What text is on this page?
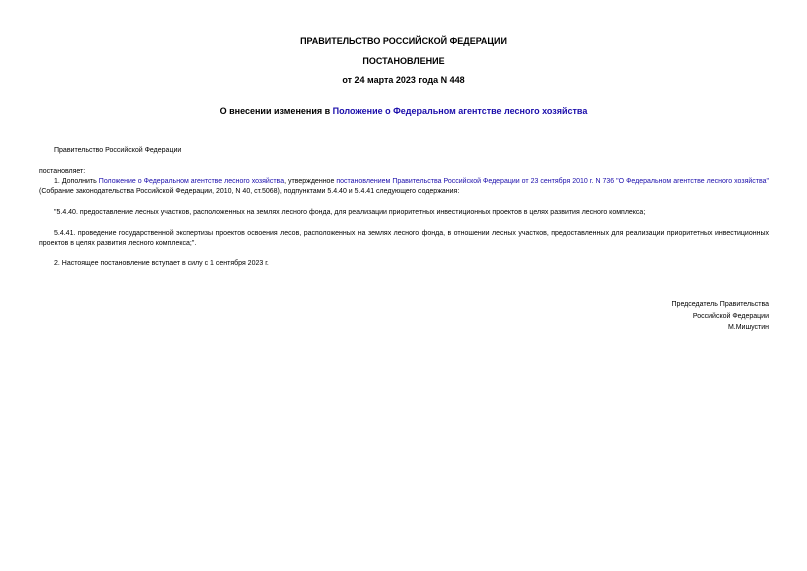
ПРАВИТЕЛЬСТВО РОССИЙСКОЙ ФЕДЕРАЦИИ
ПОСТАНОВЛЕНИЕ
от 24 марта 2023 года N 448
О внесении изменения в Положение о Федеральном агентстве лесного хозяйства
Правительство Российской Федерации
постановляет:
1. Дополнить Положение о Федеральном агентстве лесного хозяйства, утвержденное постановлением Правительства Российской Федерации от 23 сентября 2010 г. N 736 "О Федеральном агентстве лесного хозяйства" (Собрание законодательства Российской Федерации, 2010, N 40, ст.5068), подпунктами 5.4.40 и 5.4.41 следующего содержания:
"5.4.40. предоставление лесных участков, расположенных на землях лесного фонда, для реализации приоритетных инвестиционных проектов в целях развития лесного комплекса;
5.4.41. проведение государственной экспертизы проектов освоения лесов, расположенных на землях лесного фонда, в отношении лесных участков, предоставленных для реализации приоритетных инвестиционных проектов в целях развития лесного комплекса;".
2. Настоящее постановление вступает в силу с 1 сентября 2023 г.
Председатель Правительства
Российской Федерации
М.Мишустин
